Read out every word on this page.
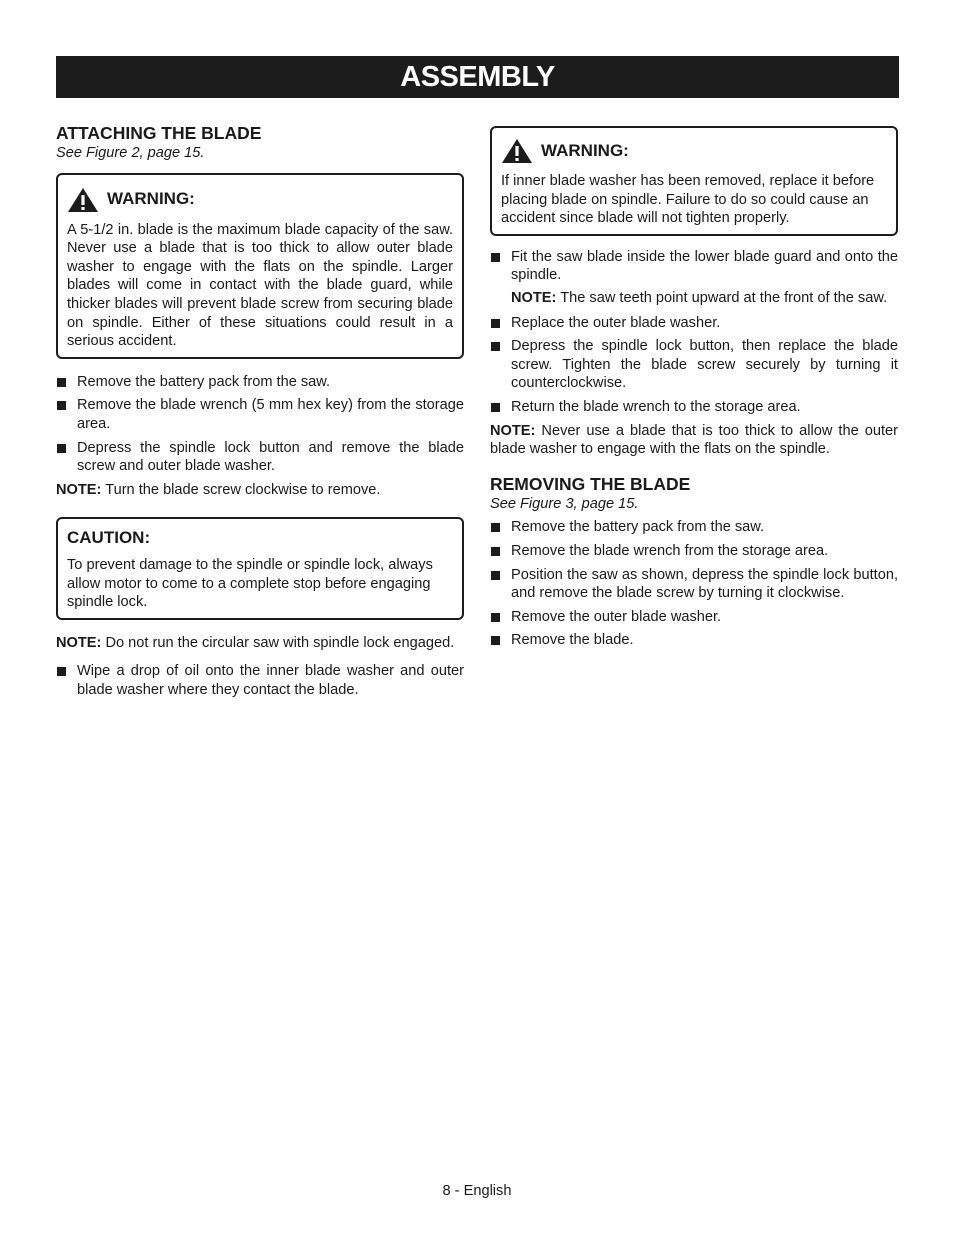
ASSEMBLY
ATTACHING THE BLADE
See Figure 2, page 15.
WARNING:

A 5-1/2 in. blade is the maximum blade capacity of the saw. Never use a blade that is too thick to allow outer blade washer to engage with the flats on the spindle. Larger blades will come in contact with the blade guard, while thicker blades will prevent blade screw from securing blade on spindle. Either of these situations could result in a serious accident.

Remove the battery pack from the saw.
Remove the blade wrench (5 mm hex key) from the storage area.
Depress the spindle lock button and remove the blade screw and outer blade washer.

NOTE: Turn the blade screw clockwise to remove.

CAUTION:

To prevent damage to the spindle or spindle lock, always allow motor to come to a complete stop before engaging spindle lock.

NOTE: Do not run the circular saw with spindle lock engaged.

Wipe a drop of oil onto the inner blade washer and outer blade washer where they contact the blade.
WARNING:

If inner blade washer has been removed, replace it before placing blade on spindle. Failure to do so could cause an accident since blade will not tighten properly.

Fit the saw blade inside the lower blade guard and onto the spindle.

NOTE: The saw teeth point upward at the front of the saw.

Replace the outer blade washer.
Depress the spindle lock button, then replace the blade screw. Tighten the blade screw securely by turning it counterclockwise.
Return the blade wrench to the storage area.

NOTE: Never use a blade that is too thick to allow the outer blade washer to engage with the flats on the spindle.

REMOVING THE BLADE
See Figure 3, page 15.
Remove the battery pack from the saw.
Remove the blade wrench from the storage area.
Position the saw as shown, depress the spindle lock button, and remove the blade screw by turning it clockwise.
Remove the outer blade washer.
Remove the blade.
8 - English
